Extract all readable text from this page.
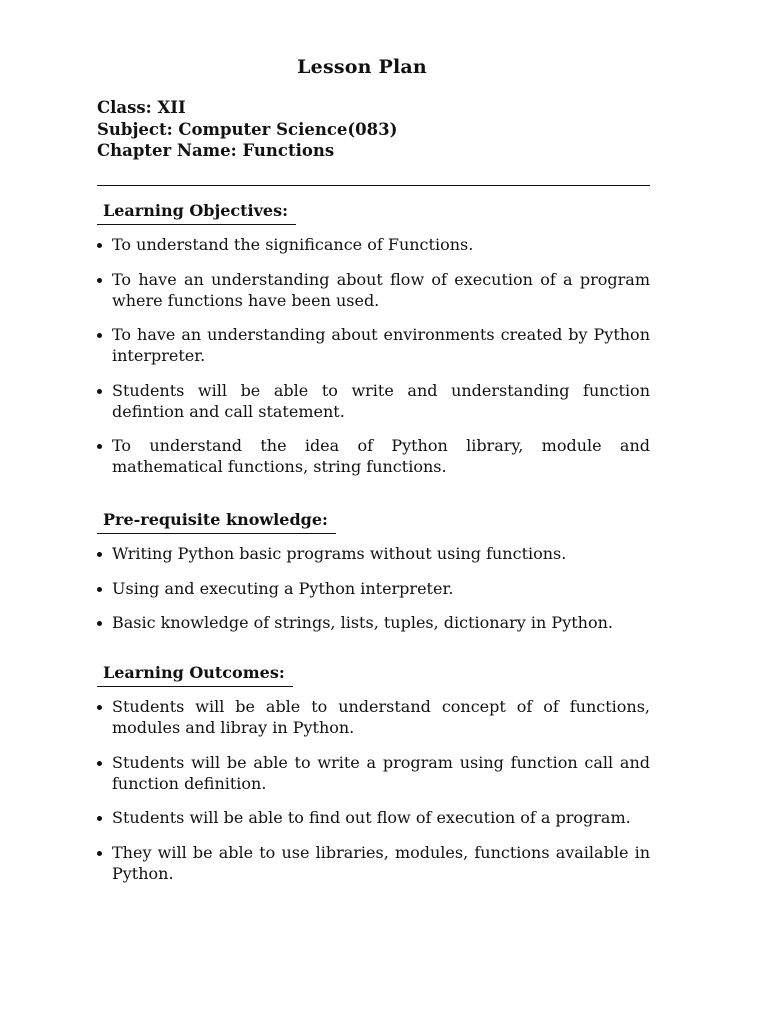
Lesson Plan
Class: XII
Subject: Computer Science(083)
Chapter Name: Functions
Learning Objectives:
To understand the significance of Functions.
To have an understanding about flow of execution of a program where functions have been used.
To have an understanding about environments created by Python interpreter.
Students will be able to write and understanding function defintion and call statement.
To understand the idea of Python library, module and mathematical functions, string functions.
Pre-requisite knowledge:
Writing Python basic programs without using functions.
Using and executing a Python interpreter.
Basic knowledge of strings, lists, tuples, dictionary in Python.
Learning Outcomes:
Students will be able to understand concept of of functions, modules and libray in Python.
Students will be able to write a program using function call and function definition.
Students will be able to find out flow of execution of a program.
They will be able to use libraries, modules, functions available in Python.
